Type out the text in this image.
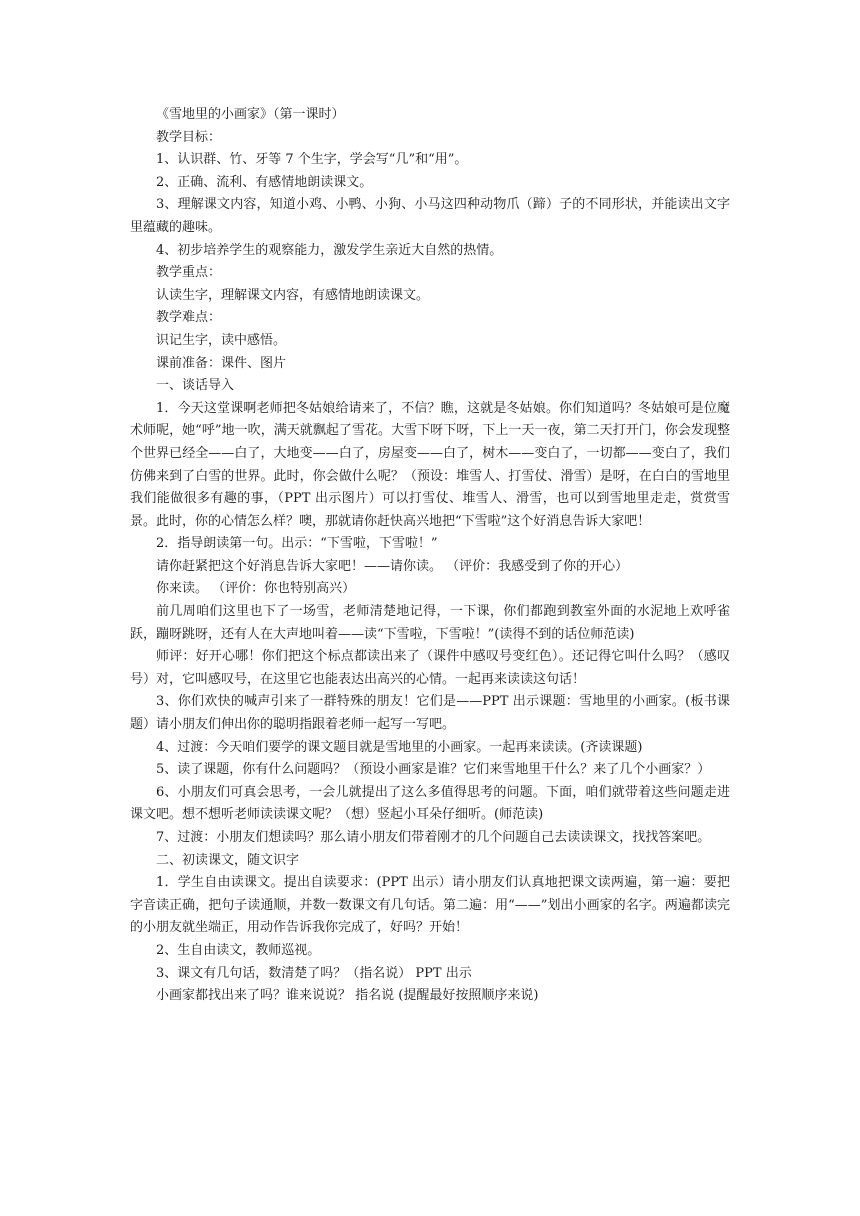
《雪地里的小画家》（第一课时）

教学目标：

1、认识群、竹、牙等 7 个生字，学会写“几”和“用”。

2、正确、流利、有感情地朗读课文。

3、理解课文内容，知道小鸡、小鸭、小狗、小马这四种动物爪（蹄）子的不同形状，并能读出文字里蕴藏的趣味。

4、初步培养学生的观察能力，激发学生亲近大自然的热情。

教学重点：

认读生字，理解课文内容，有感情地朗读课文。

教学难点：

识记生字，读中感悟。

课前准备：课件、图片

一、谈话导入

1．今天这堂课啊老师把冬姑娘给请来了，不信？瞧，这就是冬姑娘。你们知道吗？冬姑娘可是位魔术师呢，她“呼”地一吹，满天就飘起了雪花。大雪下呀下呀，下上一天一夜，第二天打开门，你会发现整个世界已经全——白了，大地变——白了，房屋变——白了，树木——变白了，一切都——变白了，我们仿佛来到了白雪的世界。此时，你会做什么呢？（预设：堆雪人、打雪仗、滑雪）是呀，在白白的雪地里我们能做很多有趣的事，（PPT 出示图片）可以打雪仗、堆雪人、滑雪，也可以到雪地里走走，赏赏雪景。此时，你的心情怎么样？噢，那就请你赶快高兴地把“下雪啦”这个好消息告诉大家吧！

2．指导朗读第一句。出示：“下雪啦，下雪啦！”

请你赶紧把这个好消息告诉大家吧！——请你读。 （评价：我感受到了你的开心）

你来读。 （评价：你也特别高兴）

前几周咱们这里也下了一场雪，老师清楚地记得，一下课，你们都跑到教室外面的水泥地上欢呼雀跃，蹦呀跳呀，还有人在大声地叫着——读“下雪啦，下雪啦！”(读得不到的话位师范读)

师评：好开心哪！你们把这个标点都读出来了（课件中感叹号变红色）。还记得它叫什么吗？（感叹号）对，它叫感叹号，在这里它也能表达出高兴的心情。一起再来读读这句话！

3、你们欢快的喊声引来了一群特殊的朋友！它们是——PPT 出示课题：雪地里的小画家。(板书课题）请小朋友们伸出你的聪明指跟着老师一起写一写吧。

4、过渡：今天咱们要学的课文题目就是雪地里的小画家。一起再来读读。(齐读课题)

5、读了课题，你有什么问题吗？（预设小画家是谁？它们来雪地里干什么？来了几个小画家？）

6、小朋友们可真会思考，一会儿就提出了这么多值得思考的问题。下面，咱们就带着这些问题走进课文吧。想不想听老师读读课文呢？（想）竖起小耳朵仔细听。(师范读)

7、过渡：小朋友们想读吗？那么请小朋友们带着刚才的几个问题自己去读读课文，找找答案吧。

二、初读课文，随文识字

1．学生自由读课文。提出自读要求：(PPT 出示）请小朋友们认真地把课文读两遍，第一遍：要把字音读正确，把句子读通顺，并数一数课文有几句话。第二遍：用“——”划出小画家的名字。两遍都读完的小朋友就坐端正，用动作告诉我你完成了，好吗？开始！

2、生自由读文，教师巡视。

3、课文有几句话，数清楚了吗？（指名说） PPT 出示

小画家都找出来了吗？谁来说说？ 指名说 (提醒最好按照顺序来说)
